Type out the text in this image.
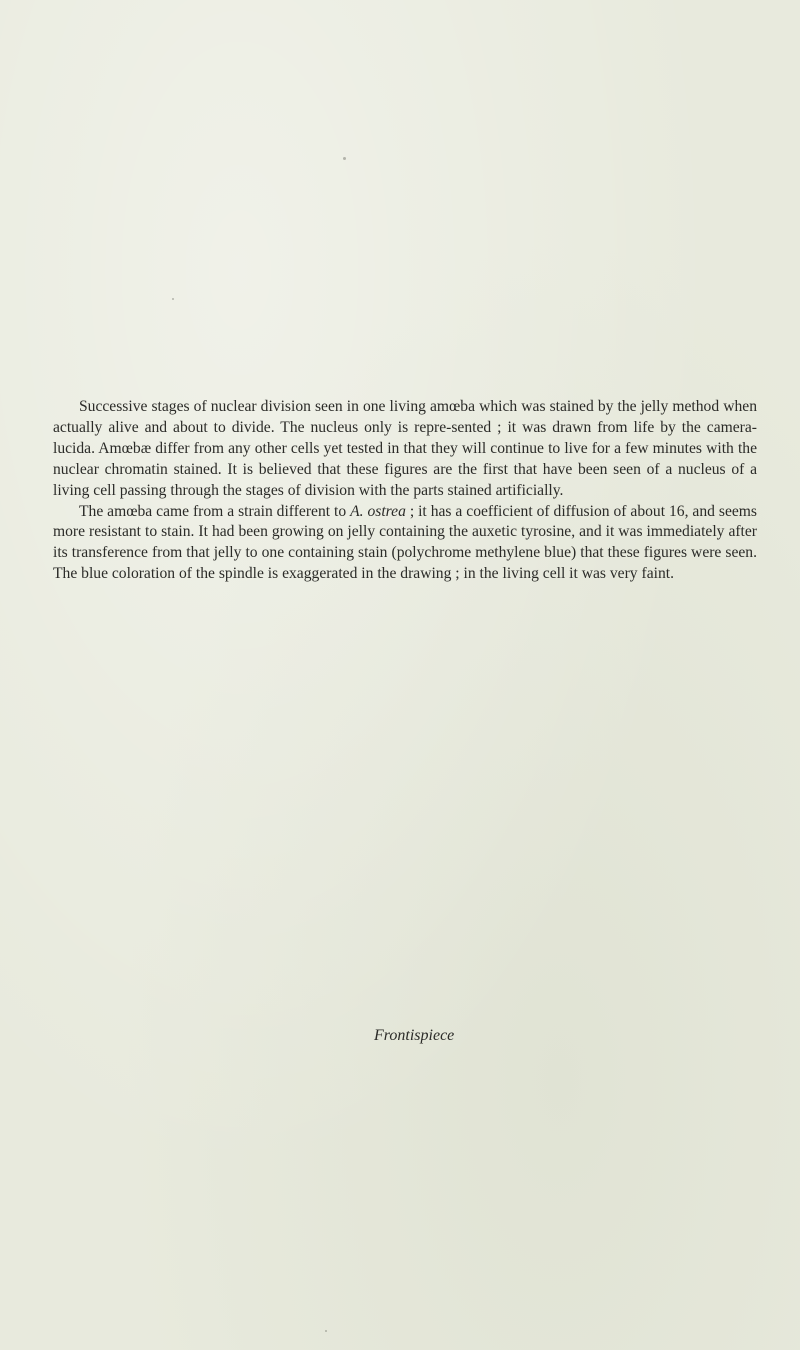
Successive stages of nuclear division seen in one living amœba which was stained by the jelly method when actually alive and about to divide. The nucleus only is repre-sented ; it was drawn from life by the camera-lucida. Amœbæ differ from any other cells yet tested in that they will continue to live for a few minutes with the nuclear chromatin stained. It is believed that these figures are the first that have been seen of a nucleus of a living cell passing through the stages of division with the parts stained artificially.

The amœba came from a strain different to A. ostrea ; it has a coefficient of diffusion of about 16, and seems more resistant to stain. It had been growing on jelly containing the auxetic tyrosine, and it was immediately after its transference from that jelly to one containing stain (polychrome methylene blue) that these figures were seen. The blue coloration of the spindle is exaggerated in the drawing ; in the living cell it was very faint.

Frontispiece
